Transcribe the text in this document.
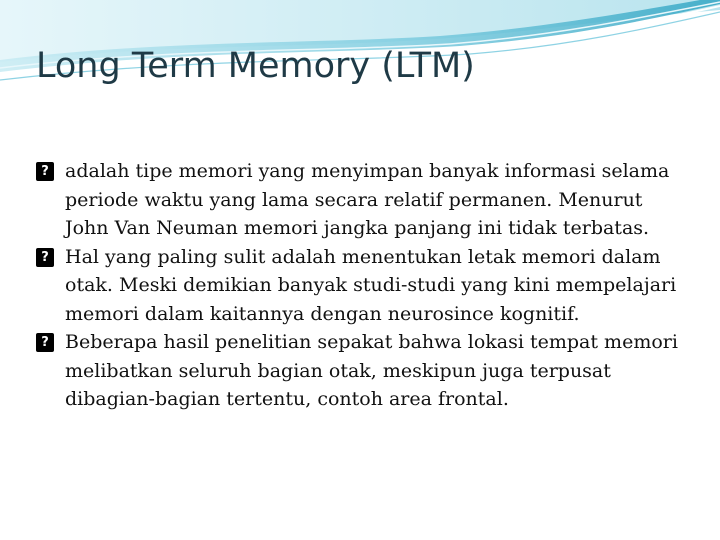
Long Term Memory (LTM)

?
adalah tipe memori yang menyimpan banyak informasi selama periode waktu yang lama secara relatif permanen. Menurut John Van Neuman memori jangka panjang ini tidak terbatas.

?
Hal yang paling sulit adalah menentukan letak memori dalam otak. Meski demikian banyak studi-studi yang kini mempelajari memori dalam kaitannya dengan neurosince kognitif.

?
Beberapa hasil penelitian sepakat bahwa lokasi tempat memori melibatkan seluruh bagian otak, meskipun juga terpusat dibagian-bagian tertentu, contoh area frontal.
